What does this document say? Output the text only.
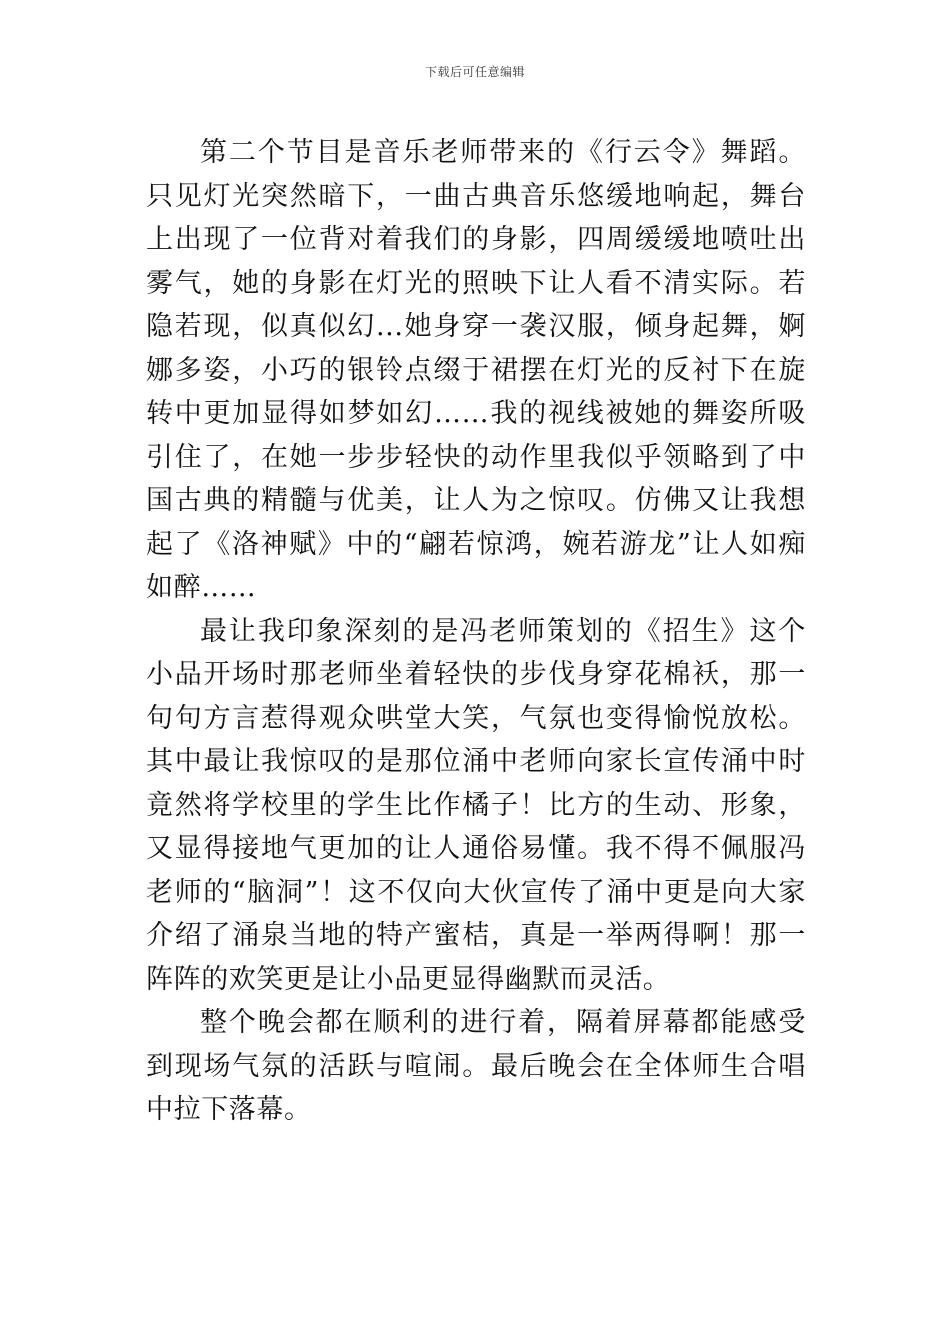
下载后可任意编辑

第二个节目是音乐老师带来的《行云令》舞蹈。只见灯光突然暗下，一曲古典音乐悠缓地响起，舞台上出现了一位背对着我们的身影，四周缓缓地喷吐出雾气，她的身影在灯光的照映下让人看不清实际。若隐若现，似真似幻...她身穿一袭汉服，倾身起舞，婀娜多姿，小巧的银铃点缀于裙摆在灯光的反衬下在旋转中更加显得如梦如幻……我的视线被她的舞姿所吸引住了，在她一步步轻快的动作里我似乎领略到了中国古典的精髓与优美，让人为之惊叹。仿佛又让我想起了《洛神赋》中的“翩若惊鸿，婉若游龙”让人如痴如醉……

最让我印象深刻的是冯老师策划的《招生》这个小品开场时那老师坐着轻快的步伐身穿花棉袄，那一句句方言惹得观众哄堂大笑，气氛也变得愉悦放松。其中最让我惊叹的是那位涌中老师向家长宣传涌中时竟然将学校里的学生比作橘子！比方的生动、形象，又显得接地气更加的让人通俗易懂。我不得不佩服冯老师的“脑洞”！这不仅向大伙宣传了涌中更是向大家介绍了涌泉当地的特产蜜桔，真是一举两得啊！那一阵阵的欢笑更是让小品更显得幽默而灵活。

整个晚会都在顺利的进行着，隔着屏幕都能感受到现场气氛的活跃与喧闹。最后晚会在全体师生合唱中拉下落幕。
